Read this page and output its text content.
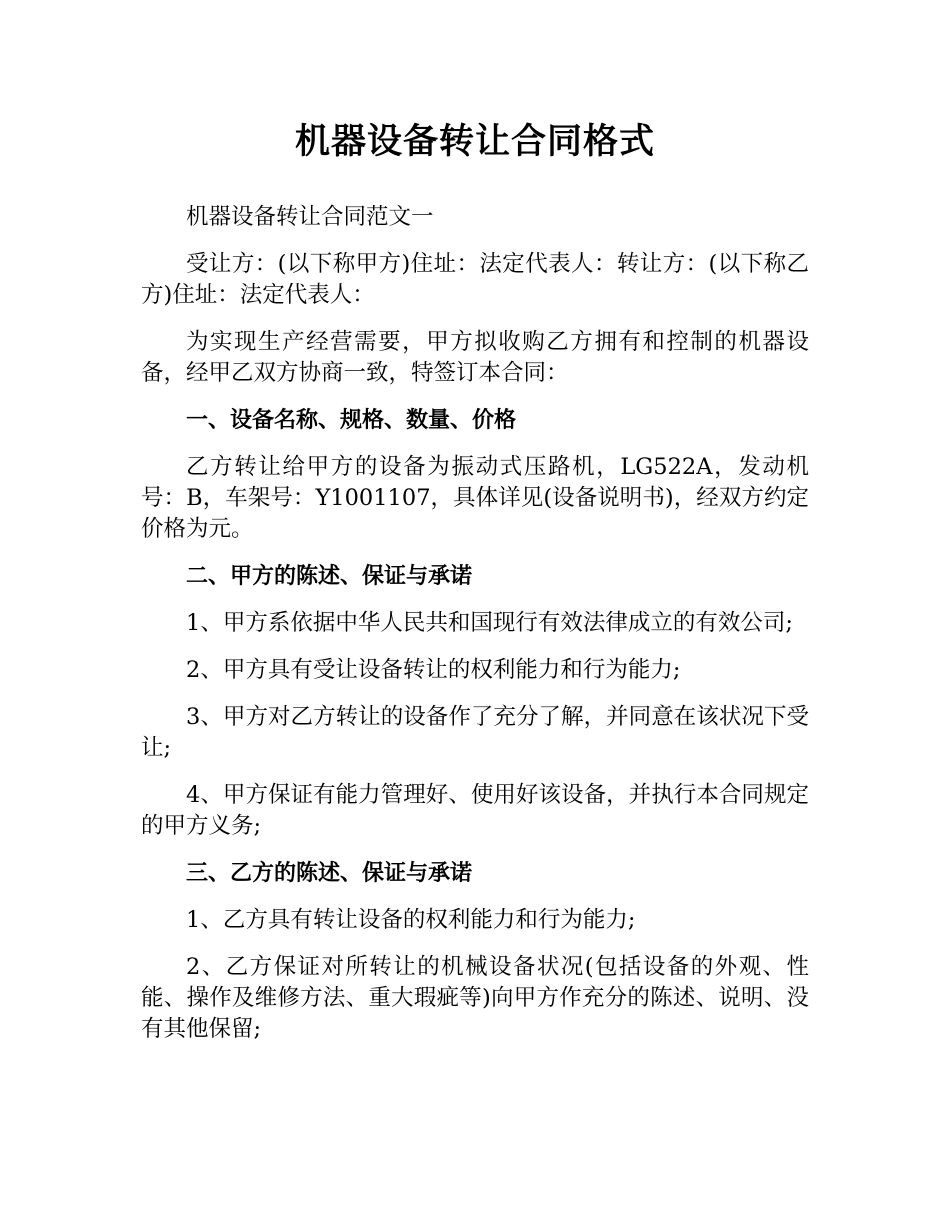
机器设备转让合同格式

机器设备转让合同范文一

受让方：(以下称甲方)住址：法定代表人：转让方：(以下称乙方)住址：法定代表人：

为实现生产经营需要，甲方拟收购乙方拥有和控制的机器设备，经甲乙双方协商一致，特签订本合同：

一、设备名称、规格、数量、价格

乙方转让给甲方的设备为振动式压路机，LG522A，发动机号：B，车架号：Y1001107，具体详见(设备说明书)，经双方约定价格为元。

二、甲方的陈述、保证与承诺

1、甲方系依据中华人民共和国现行有效法律成立的有效公司;

2、甲方具有受让设备转让的权利能力和行为能力;

3、甲方对乙方转让的设备作了充分了解，并同意在该状况下受让;

4、甲方保证有能力管理好、使用好该设备，并执行本合同规定的甲方义务;

三、乙方的陈述、保证与承诺

1、乙方具有转让设备的权利能力和行为能力;

2、乙方保证对所转让的机械设备状况(包括设备的外观、性能、操作及维修方法、重大瑕疵等)向甲方作充分的陈述、说明、没有其他保留;
